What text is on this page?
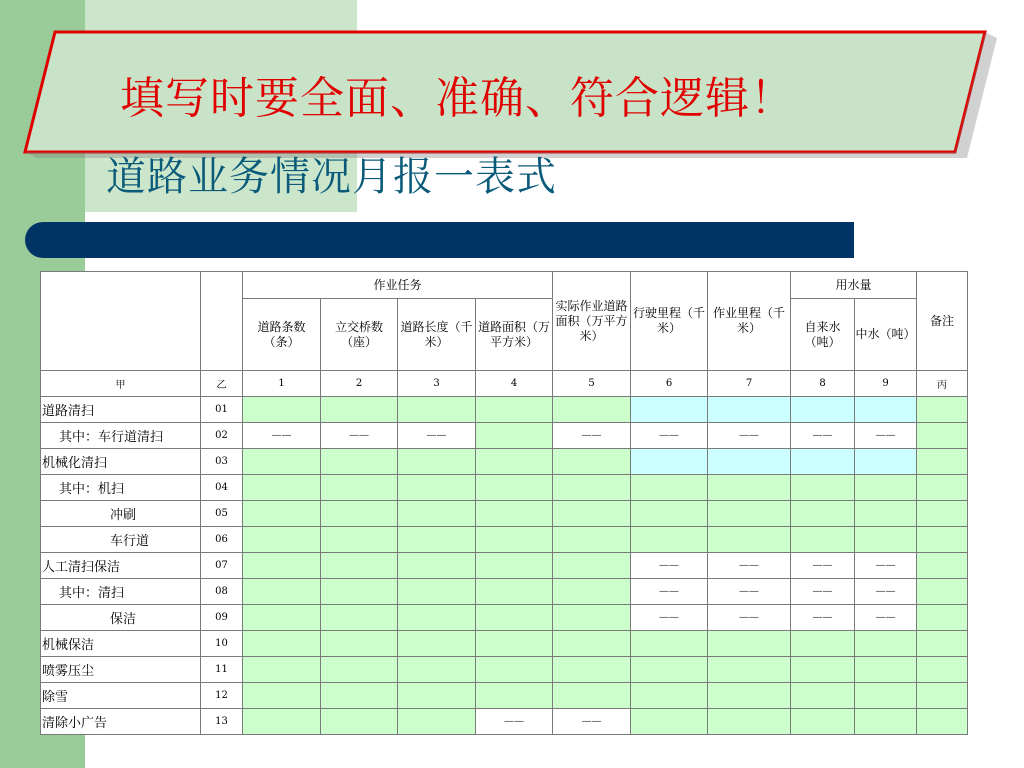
填写时要全面、准确、符合逻辑！
道路业务情况月报一表式
		作业任务				实际作业道路面积（万平方米）	行驶里程（千米）	作业里程（千米）	用水量		备注
		道路条数（条）	立交桥数（座）	道路长度（千米）	道路面积（万平方米）				自来水（吨）	中水（吨）	
甲	乙	1	2	3	4	5	6	7	8	9	丙
道路清扫	01										
其中：车行道清扫	02	——	——	——		——	——	——	——	——	
机械化清扫	03										
其中：机扫	04										
冲刷	05										
车行道	06										
人工清扫保洁	07						——	——	——	——	
其中：清扫	08						——	——	——	——	
保洁	09						——	——	——	——	
机械保洁	10										
喷雾压尘	11										
除雪	12										
清除小广告	13				——	——					
